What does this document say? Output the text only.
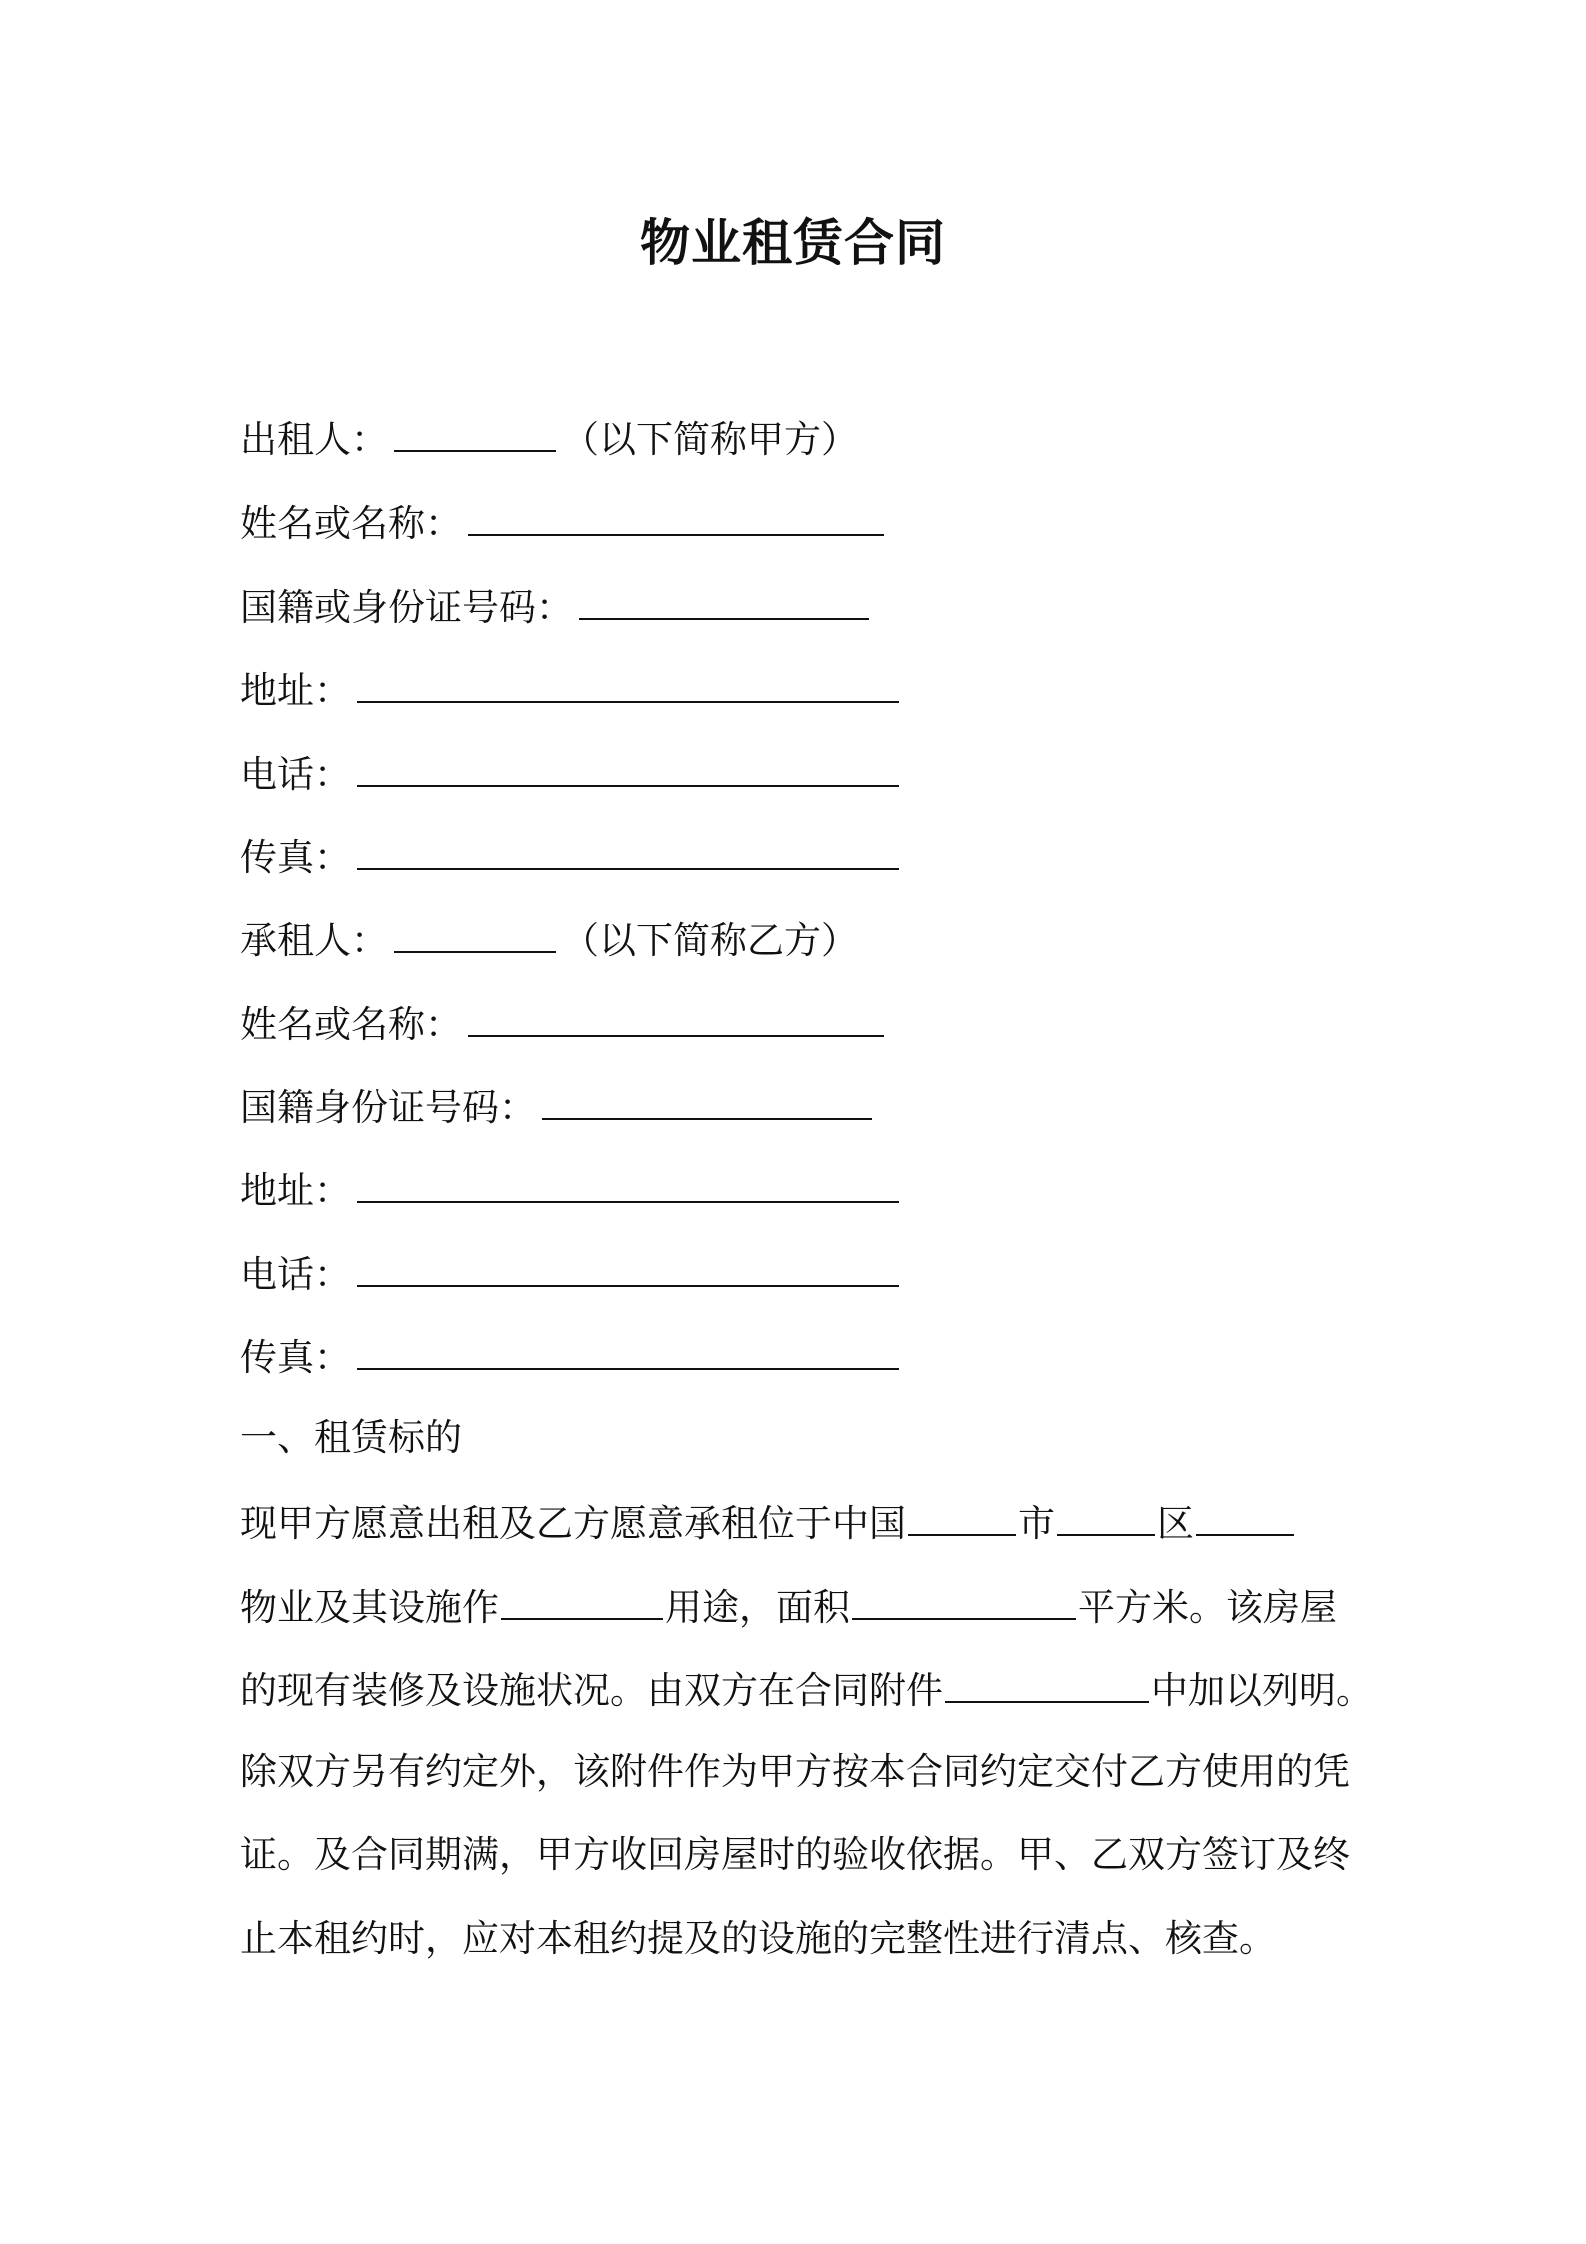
物业租赁合同
出租人：	（以下简称甲方）
姓名或名称：
国籍或身份证号码：
地址：
电话：
传真：
承租人：	（以下简称乙方）
姓名或名称：
国籍身份证号码：
地址：
电话：
传真：
一、租赁标的
现甲方愿意出租及乙方愿意承租位于中国	市	区
物业及其设施作	用途，面积	平方米。该房屋
的现有装修及设施状况。由双方在合同附件	中加以列明。
除双方另有约定外，该附件作为甲方按本合同约定交付乙方使用的凭
证。及合同期满，甲方收回房屋时的验收依据。甲、乙双方签订及终
止本租约时，应对本租约提及的设施的完整性进行清点、核查。
